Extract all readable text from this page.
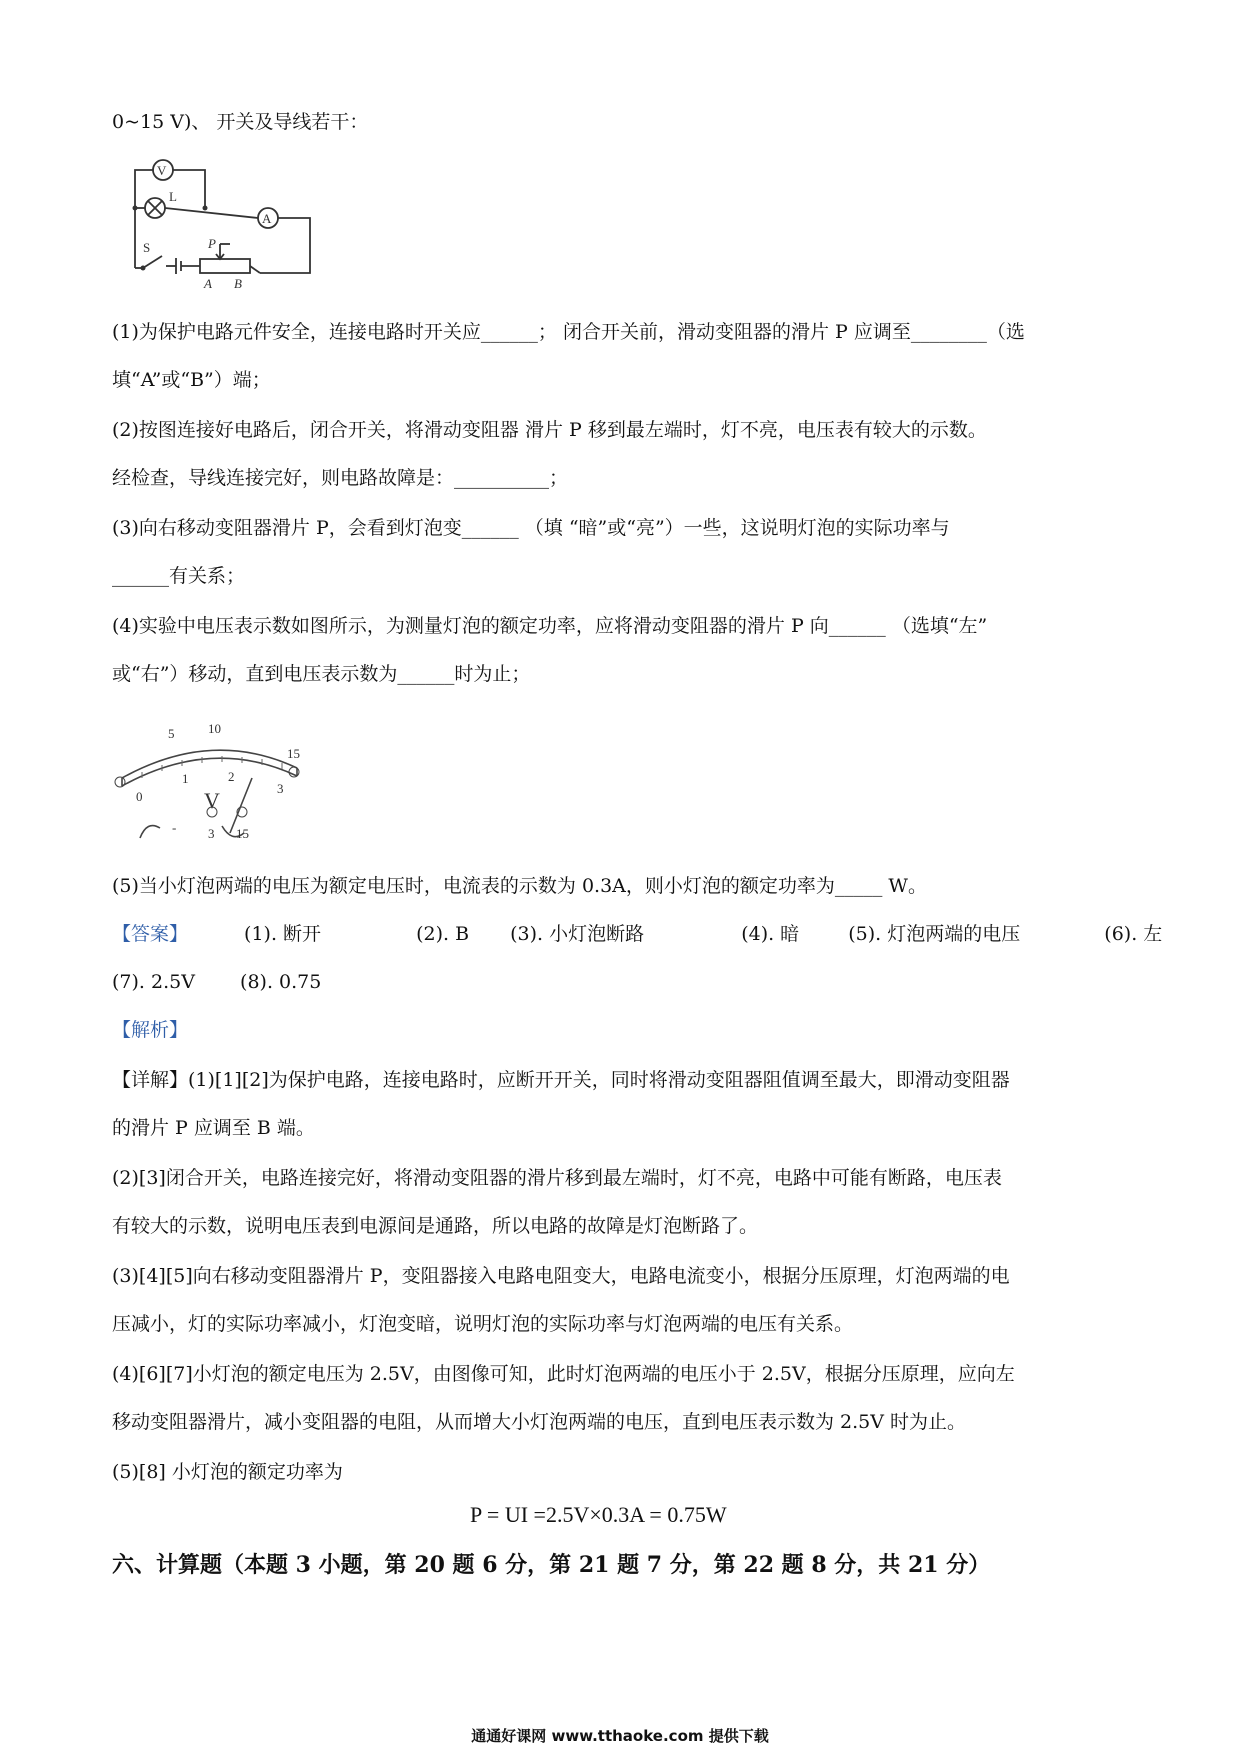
0~15 V)、 开关及导线若干：
V
A
L
S	P
A B
(1)为保护电路元件安全，连接电路时开关应______； 闭合开关前，滑动变阻器的滑片 P 应调至________（选
填“A”或“B”）端；
(2)按图连接好电路后，闭合开关，将滑动变阻器 滑片 P 移到最左端时，灯不亮，电压表有较大的示数。
经检查，导线连接完好，则电路故障是：__________；
(3)向右移动变阻器滑片 P，会看到灯泡变______ （填 “暗”或“亮”）一些，这说明灯泡的实际功率与
______有关系；
(4)实验中电压表示数如图所示，为测量灯泡的额定功率，应将滑动变阻器的滑片 P 向______ （选填“左”
或“右”）移动，直到电压表示数为______时为止；
5	10
15
0
1	2
3
V
- 3 15
(5)当小灯泡两端的电压为额定电压时，电流表的示数为 0.3A，则小灯泡的额定功率为_____ W。
【答案】	(1). 断开	(2). B (3). 小灯泡断路	(4). 暗	(5). 灯泡两端的电压	(6). 左
(7). 2.5V (8). 0.75
【解析】
【详解】(1)[1][2]为保护电路，连接电路时，应断开开关，同时将滑动变阻器阻值调至最大，即滑动变阻器
的滑片 P 应调至 B 端。
(2)[3]闭合开关，电路连接完好，将滑动变阻器的滑片移到最左端时，灯不亮，电路中可能有断路，电压表
有较大的示数，说明电压表到电源间是通路，所以电路的故障是灯泡断路了。
(3)[4][5]向右移动变阻器滑片 P，变阻器接入电路电阻变大，电路电流变小，根据分压原理，灯泡两端的电
压减小，灯的实际功率减小，灯泡变暗，说明灯泡的实际功率与灯泡两端的电压有关系。
(4)[6][7]小灯泡的额定电压为 2.5V，由图像可知，此时灯泡两端的电压小于 2.5V，根据分压原理，应向左
移动变阻器滑片，减小变阻器的电阻，从而增大小灯泡两端的电压，直到电压表示数为 2.5V 时为止。
(5)[8] 小灯泡的额定功率为
P = UI =2.5V×0.3A = 0.75W
六、计算题（本题 3 小题，第 20 题 6 分，第 21 题 7 分，第 22 题 8 分，共 21 分）
通通好课网 www.tthaoke.com 提供下载
